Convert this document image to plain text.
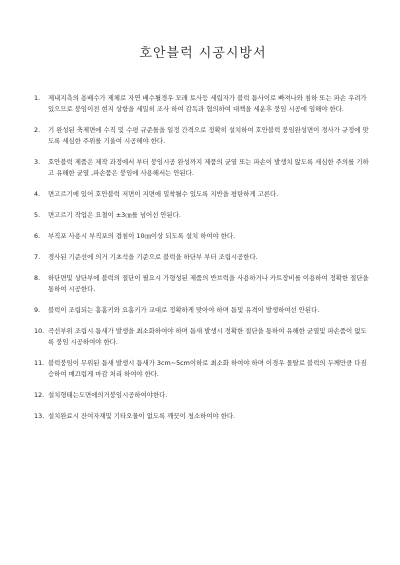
호안블럭 시공시방서
1.	제내지측의 용배수가 제체로 자연 배수될경우 모래 토사등 세립자가 블럭 틈사이로 빠져나와 침하 또는 파손 우려가 있으므로 붕임이전 현지 상항을 세밀히 조사 하여 감독과 협의하여 대책을 세운후 붕임 시공에 임해야 한다.
2.	기 완성된 축제면에 수직 및 수평 규준틀을 일정 간격으로 정확히 설치하여 호안블럭 붕임완성면이 경사가 규정에 맞도록 세심한 주위를 기울여 시공해야 한다.
3.	호안블럭 제품은 제작 과정에서 부터 붕임시공 완성까지 제품의 균열 또는 파손이 발생치 않도록 세심한 주의를 기하고 유해한 균열 ,파손품은 붕임에 사용해서는 안된다.
4.	면고르기에 있어 호안블럭 저면이 지면에 밀착될수 있도록 지반을 평탄하게 고른다.
5.	면고르기 작업은 요철이 ±3㎝를 넘어선 안된다.
6.	부직포 사용시 부직포의 겹침이 10㎝이상 되도록 설치 하여야 한다.
7.	경사된 기준선에 의거 기초석을 기준으로 블럭을 하단부 부터 조립시공한다.
8.	하단면및 상단부에 블럭의 절단이 필요시 가형성된 제품의 반브럭을 사용하거나 카트장비를 이용하여 정확한 절단을 통하여 시공한다.
9.	블럭이 조립되는 홈홈키와 요홈키가 교대로 정확하게 맞아야 하며 틈및 유격이 발생하여선 안된다.
10. 곡선부위 조립시 틈새가 발생을 최소화하여야 하며 틈새 발생시 정확한 절단을 통하여 유해한 균열및 파손품이 없도록 붕임 시공하여야 한다.
11. 블럭붕임이 무위된 틈새 발생시 틈새가 3cm~5cm이하로 최소화 하여야 하며 이경우 몰탈로 블럭의 두께만큼 다짐승하여 매끄럽게 마감 처리 하여야 한다.
12. 설치형태는도면에의거붕임시공하여야한다.
13. 설치완료시 잔여자재및 기타오물이 없도록 깨끗이 청소하여야 한다.
